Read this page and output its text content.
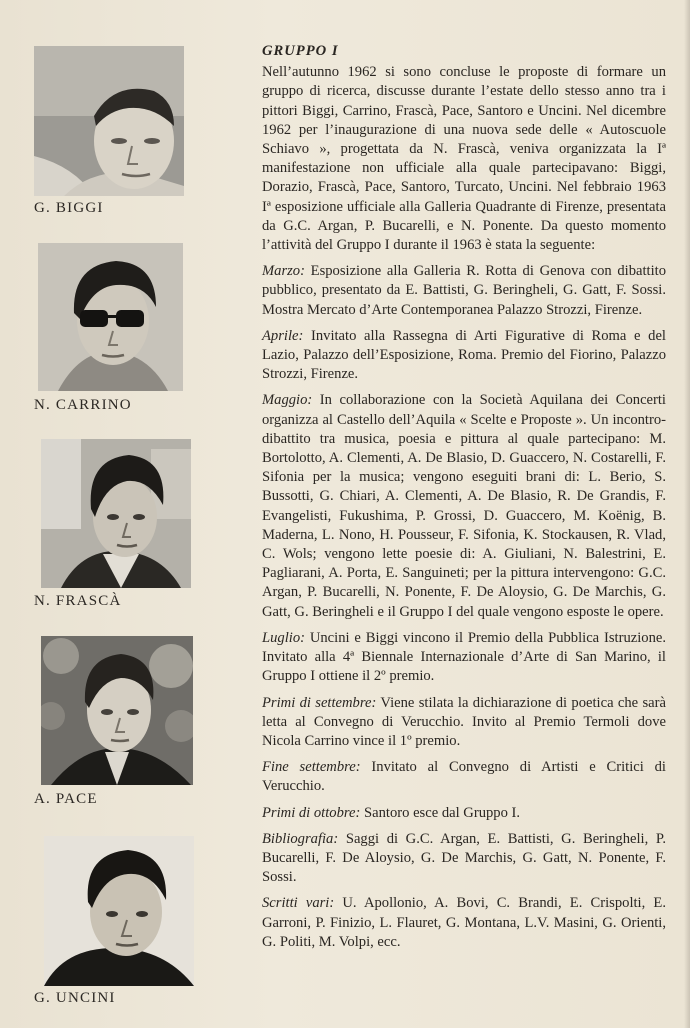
G. BIGGI
N. CARRINO
N. FRASCÀ
A. PACE
G. UNCINI
GRUPPO I

Nell’autunno 1962 si sono concluse le proposte di formare un gruppo di ricerca, discusse durante l’estate dello stesso anno tra i pittori Biggi, Carrino, Frascà, Pace, Santoro e Uncini. Nel dicembre 1962 per l’inaugurazione di una nuova sede delle « Autoscuole Schiavo », progettata da N. Frascà, veniva organizzata la Iª manifestazione non ufficiale alla quale partecipavano: Biggi, Dorazio, Frascà, Pace, Santoro, Turcato, Uncini. Nel febbraio 1963 Iª esposizione ufficiale alla Galleria Quadrante di Firenze, presentata da G.C. Argan, P. Bucarelli, e N. Ponente. Da questo momento l’attività del Gruppo I durante il 1963 è stata la seguente:

Marzo: Esposizione alla Galleria R. Rotta di Genova con dibattito pubblico, presentato da E. Battisti, G. Beringheli, G. Gatt, F. Sossi. Mostra Mercato d’Arte Contemporanea Palazzo Strozzi, Firenze.

Aprile: Invitato alla Rassegna di Arti Figurative di Roma e del Lazio, Palazzo dell’Esposizione, Roma. Premio del Fiorino, Palazzo Strozzi, Firenze.

Maggio: In collaborazione con la Società Aquilana dei Concerti organizza al Castello dell’Aquila « Scelte e Proposte ». Un incontro-dibattito tra musica, poesia e pittura al quale partecipano: M. Bortolotto, A. Clementi, A. De Blasio, D. Guaccero, N. Costarelli, F. Sifonia per la musica; vengono eseguiti brani di: L. Berio, S. Bussotti, G. Chiari, A. Clementi, A. De Blasio, R. De Grandis, F. Evangelisti, Fukushima, P. Grossi, D. Guaccero, M. Koënig, B. Maderna, L. Nono, H. Pousseur, F. Sifonia, K. Stockausen, R. Vlad, C. Wols; vengono lette poesie di: A. Giuliani, N. Balestrini, E. Pagliarani, A. Porta, E. Sanguineti; per la pittura intervengono: G.C. Argan, P. Bucarelli, N. Ponente, F. De Aloysio, G. De Marchis, G. Gatt, G. Beringheli e il Gruppo I del quale vengono esposte le opere.

Luglio: Uncini e Biggi vincono il Premio della Pubblica Istruzione. Invitato alla 4ª Biennale Internazionale d’Arte di San Marino, il Gruppo I ottiene il 2º premio.

Primi di settembre: Viene stilata la dichiarazione di poetica che sarà letta al Convegno di Verucchio. Invito al Premio Termoli dove Nicola Carrino vince il 1º premio.

Fine settembre: Invitato al Convegno di Artisti e Critici di Verucchio.

Primi di ottobre: Santoro esce dal Gruppo I.

Bibliografia: Saggi di G.C. Argan, E. Battisti, G. Beringheli, P. Bucarelli, F. De Aloysio, G. De Marchis, G. Gatt, N. Ponente, F. Sossi.

Scritti vari: U. Apollonio, A. Bovi, C. Brandi, E. Crispolti, E. Garroni, P. Finizio, L. Flauret, G. Montana, L.V. Masini, G. Orienti, G. Politi, M. Volpi, ecc.
